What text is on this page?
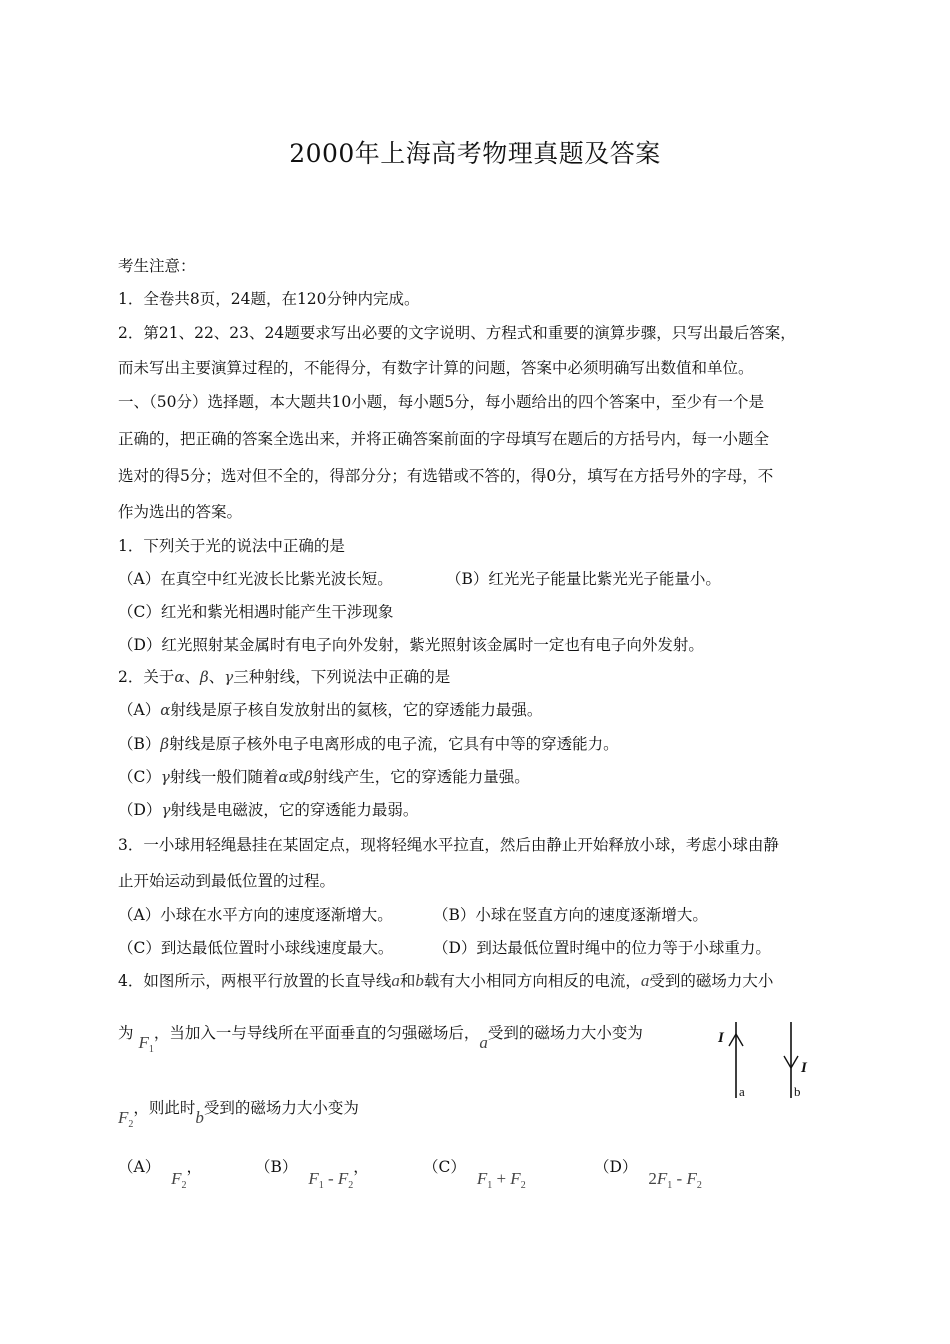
2000年上海高考物理真题及答案
考生注意：
1．全卷共8页，24题，在120分钟内完成。
2．第21、22、23、24题要求写出必要的文字说明、方程式和重要的演算步骤，只写出最后答案，
而未写出主要演算过程的，不能得分，有数字计算的问题，答案中必须明确写出数值和单位。
一、（50分）选择题，本大题共10小题，每小题5分，每小题给出的四个答案中，至少有一个是
正确的，把正确的答案全选出来，并将正确答案前面的字母填写在题后的方括号内，每一小题全
选对的得5分；选对但不全的，得部分分；有选错或不答的，得0分，填写在方括号外的字母，不
作为选出的答案。
1．下列关于光的说法中正确的是
（A）在真空中红光波长比紫光波长短。	（B）红光光子能量比紫光光子能量小。
（C）红光和紫光相遇时能产生干涉现象
（D）红光照射某金属时有电子向外发射，紫光照射该金属时一定也有电子向外发射。
2．关于α、β、γ三种射线，下列说法中正确的是
（A）α射线是原子核自发放射出的氦核，它的穿透能力最强。
（B）β射线是原子核外电子电离形成的电子流，它具有中等的穿透能力。
（C）γ射线一般们随着α或β射线产生，它的穿透能力量强。
（D）γ射线是电磁波，它的穿透能力最弱。
3．一小球用轻绳悬挂在某固定点，现将轻绳水平拉直，然后由静止开始释放小球，考虑小球由静
止开始运动到最低位置的过程。
（A）小球在水平方向的速度逐渐增大。	（B）小球在竖直方向的速度逐渐增大。
（C）到达最低位置时小球线速度最大。	（D）到达最低位置时绳中的位力等于小球重力。
4．如图所示，两根平行放置的长直导线a和b载有大小相同方向相反的电流，a受到的磁场力大小
为 $F_1$，当加入一与导线所在平面垂直的匀强磁场后，a受到的磁场力大小变为
$F_2$，则此时b受到的磁场力大小变为
（A） $F_2$，	（B） $F_1 - F_2$，	（C） $F_1 + F_2$
（D） $2F_1 - F_2$
I
a
I
b
